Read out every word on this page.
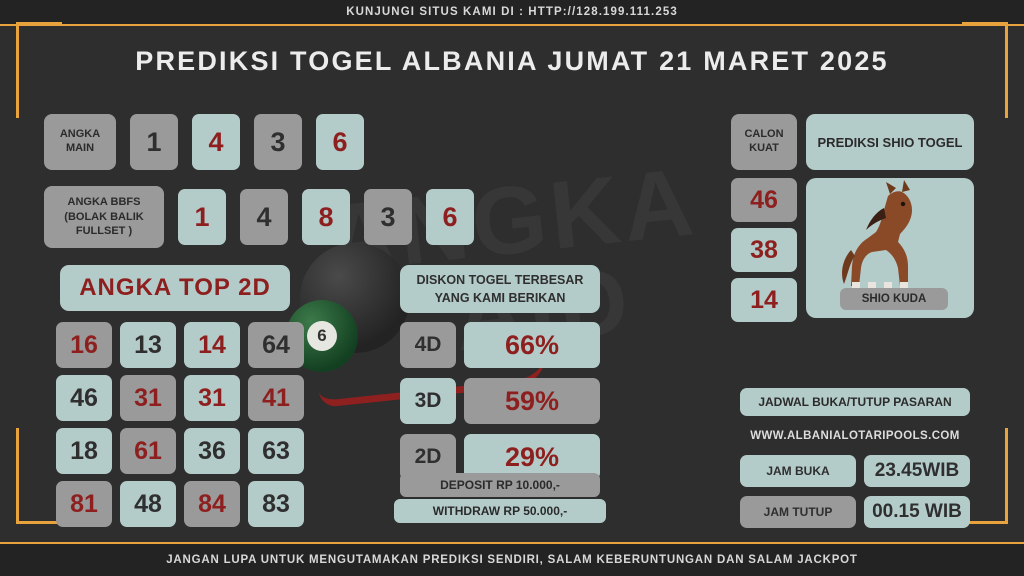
KUNJUNGI SITUS KAMI DI : HTTP://128.199.111.253
PREDIKSI TOGEL ALBANIA JUMAT 21 MARET 2025
6
ANGKA
MAIN	1	4	3	6
ANGKA BBFS
(BOLAK BALIK
FULLSET )	1	4	8	3	6
ANGKA TOP 2D
16	13	14	64
46	31	31	41
18	61	36	63
81	48	84	83
DISKON TOGEL TERBESAR
YANG KAMI BERIKAN
4D	66%
3D	59%
2D	29%
DEPOSIT RP 10.000,-
WITHDRAW RP 50.000,-
CALON
KUAT	PREDIKSI SHIO TOGEL
46
38
14	SHIO KUDA
JADWAL BUKA/TUTUP PASARAN
WWW.ALBANIALOTARIPOOLS.COM
JAM BUKA	23.45WIB
JAM TUTUP	00.15 WIB
JANGAN LUPA UNTUK MENGUTAMAKAN PREDIKSI SENDIRI, SALAM KEBERUNTUNGAN DAN SALAM JACKPOT
